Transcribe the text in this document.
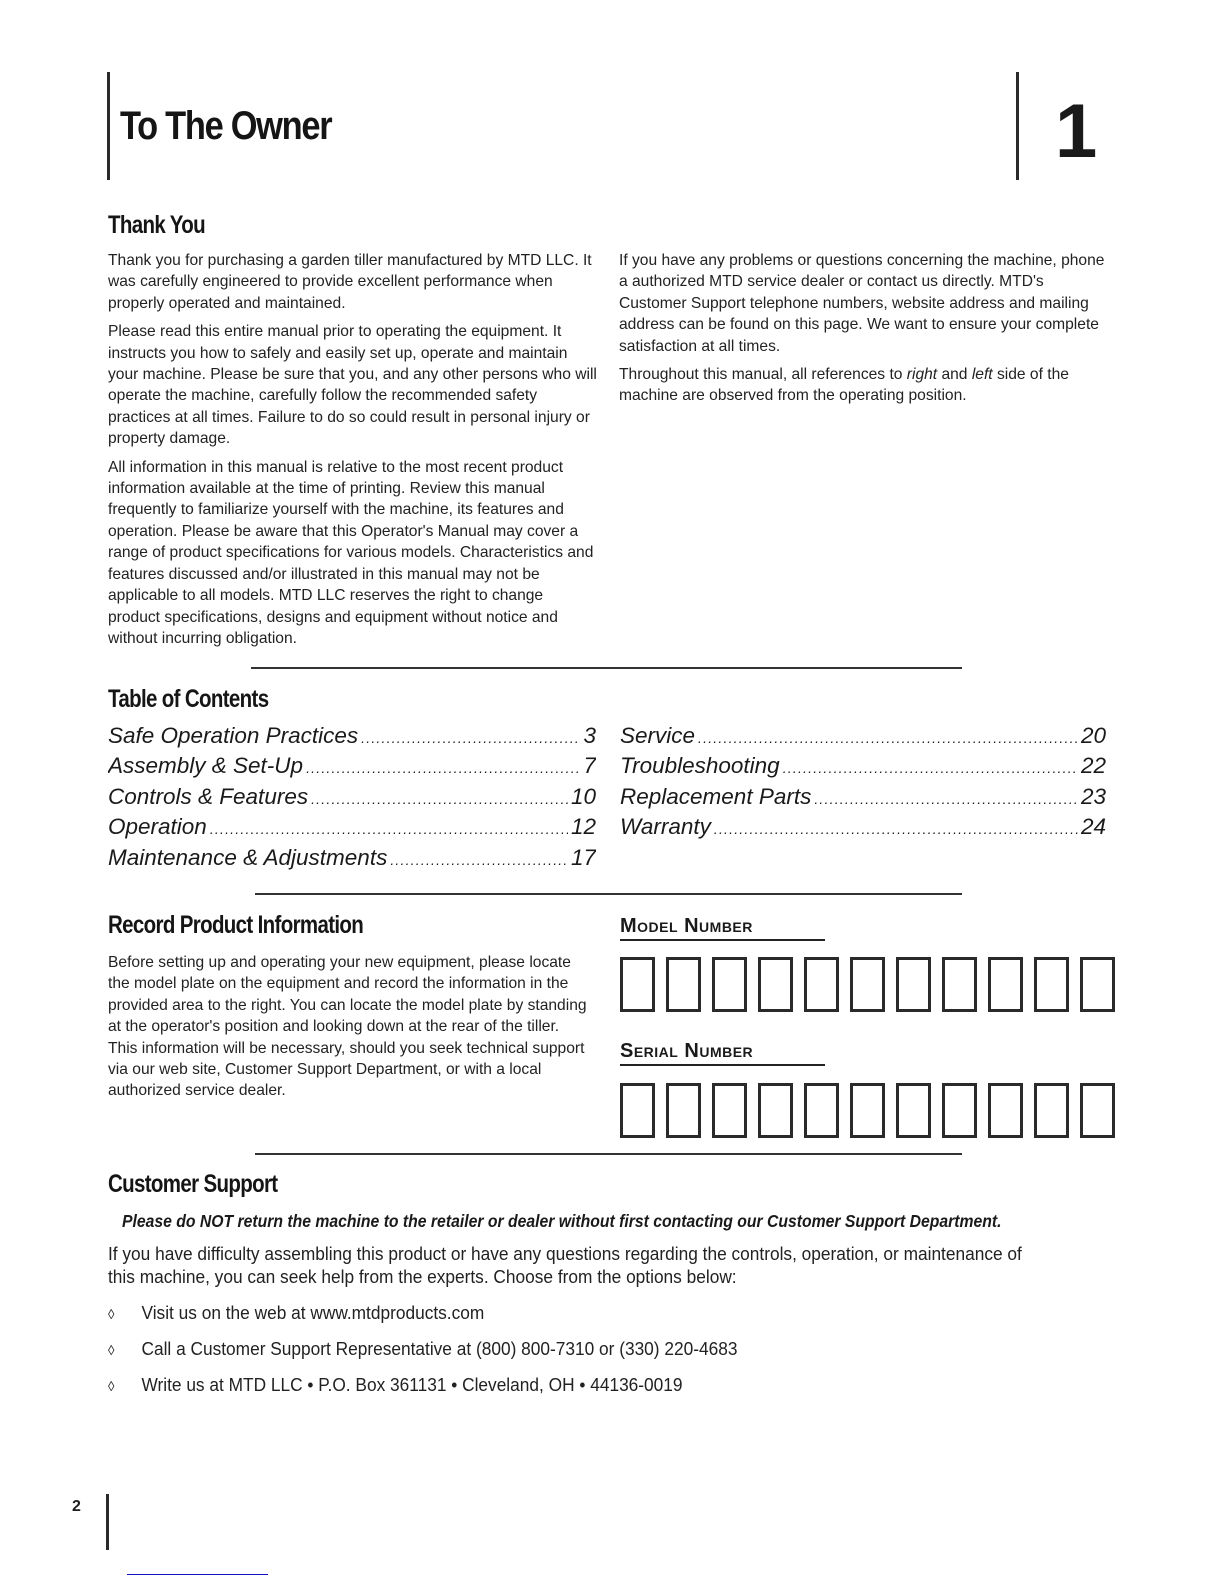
To The Owner	1
Thank You

Thank you for purchasing a garden tiller manufactured by MTD LLC. It was carefully engineered to provide excellent performance when properly operated and maintained.

Please read this entire manual prior to operating the equipment. It instructs you how to safely and easily set up, operate and maintain your machine. Please be sure that you, and any other persons who will operate the machine, carefully follow the recommended safety practices at all times. Failure to do so could result in personal injury or property damage.

All information in this manual is relative to the most recent product information available at the time of printing. Review this manual frequently to familiarize yourself with the machine, its features and operation. Please be aware that this Operator's Manual may cover a range of product specifications for various models. Characteristics and features discussed and/or illustrated in this manual may not be applicable to all models. MTD LLC reserves the right to change product specifications, designs and equipment without notice and without incurring obligation.

If you have any problems or questions concerning the machine, phone a authorized MTD service dealer or contact us directly. MTD's Customer Support telephone numbers, website address and mailing address can be found on this page. We want to ensure your complete satisfaction at all times.

Throughout this manual, all references to right and left side of the machine are observed from the operating position.

Table of Contents
Safe Operation Practices .....	3
Assembly & Set-Up .....	7
Controls & Features .....	10
Operation .....	12
Maintenance & Adjustments .....	17
Service .....	20
Troubleshooting .....	22
Replacement Parts .....	23
Warranty .....	24
Record Product Information
Before setting up and operating your new equipment, please locate the model plate on the equipment and record the information in the provided area to the right. You can locate the model plate by standing at the operator's position and looking down at the rear of the tiller. This information will be necessary, should you seek technical support via our web site, Customer Support Department, or with a local authorized service dealer.
Model Number
Serial Number
Customer Support
Please do NOT return the machine to the retailer or dealer without first contacting our Customer Support Department.
If you have difficulty assembling this product or have any questions regarding the controls, operation, or maintenance of this machine, you can seek help from the experts. Choose from the options below:
◊ Visit us on the web at www.mtdproducts.com
◊ Call a Customer Support Representative at (800) 800-7310 or (330) 220-4683
◊ Write us at MTD LLC • P.O. Box 361131 • Cleveland, OH • 44136-0019
2
